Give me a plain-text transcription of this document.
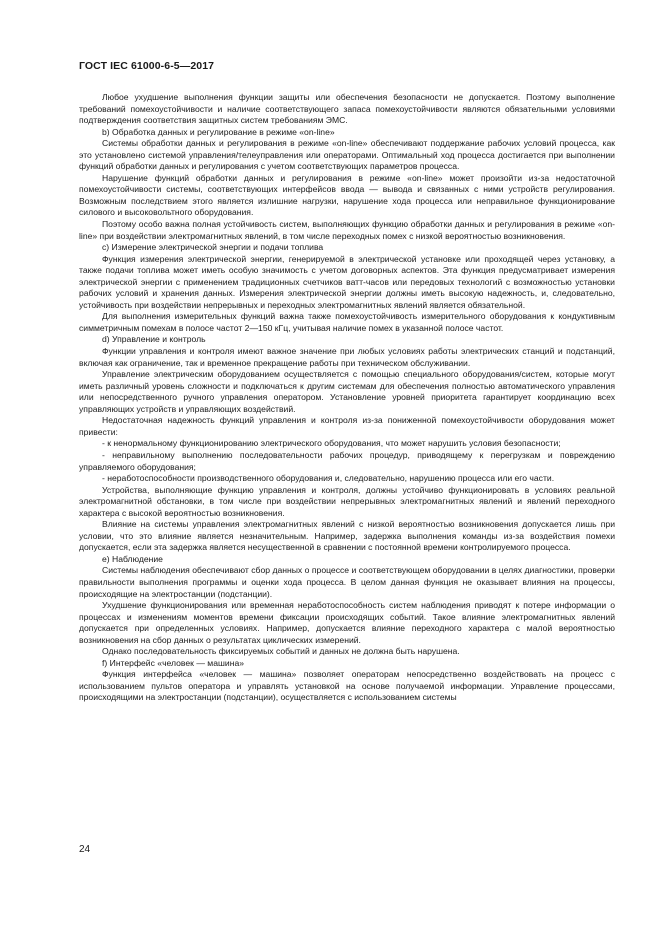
ГОСТ IEC 61000-6-5—2017

Любое ухудшение выполнения функции защиты или обеспечения безопасности не допускается. Поэтому выполнение требований помехоустойчивости и наличие соответствующего запаса помехоустойчивости являются обязательными условиями подтверждения соответствия защитных систем требованиям ЭМС.

b) Обработка данных и регулирование в режиме «on-line»

Системы обработки данных и регулирования в режиме «on-line» обеспечивают поддержание рабочих условий процесса, как это установлено системой управления/телеуправления или операторами. Оптимальный ход процесса достигается при выполнении функций обработки данных и регулирования с учетом соответствующих параметров процесса.

Нарушение функций обработки данных и регулирования в режиме «on-line» может произойти из-за недостаточной помехоустойчивости системы, соответствующих интерфейсов ввода — вывода и связанных с ними устройств регулирования. Возможным последствием этого является излишние нагрузки, нарушение хода процесса или неправильное функционирование силового и высоковольтного оборудования.

Поэтому особо важна полная устойчивость систем, выполняющих функцию обработки данных и регулирования в режиме «on-line» при воздействии электромагнитных явлений, в том числе переходных помех с низкой вероятностью возникновения.

c) Измерение электрической энергии и подачи топлива

Функция измерения электрической энергии, генерируемой в электрической установке или проходящей через установку, а также подачи топлива может иметь особую значимость с учетом договорных аспектов. Эта функция предусматривает измерения электрической энергии с применением традиционных счетчиков ватт-часов или передовых технологий с возможностью установки рабочих условий и хранения данных. Измерения электрической энергии должны иметь высокую надежность, и, следовательно, устойчивость при воздействии непрерывных и переходных электромагнитных явлений является обязательной.

Для выполнения измерительных функций важна также помехоустойчивость измерительного оборудования к кондуктивным симметричным помехам в полосе частот 2—150 кГц, учитывая наличие помех в указанной полосе частот.

d) Управление и контроль

Функции управления и контроля имеют важное значение при любых условиях работы электрических станций и подстанций, включая как ограничение, так и временное прекращение работы при техническом обслуживании.

Управление электрическим оборудованием осуществляется с помощью специального оборудования/систем, которые могут иметь различный уровень сложности и подключаться к другим системам для обеспечения полностью автоматического управления или непосредственного ручного управления оператором. Установление уровней приоритета гарантирует координацию всех управляющих устройств и управляющих воздействий.

Недостаточная надежность функций управления и контроля из-за пониженной помехоустойчивости оборудования может привести:

- к ненормальному функционированию электрического оборудования, что может нарушить условия безопасности;

- неправильному выполнению последовательности рабочих процедур, приводящему к перегрузкам и повреждению управляемого оборудования;

- неработоспособности производственного оборудования и, следовательно, нарушению процесса или его части.

Устройства, выполняющие функцию управления и контроля, должны устойчиво функционировать в условиях реальной электромагнитной обстановки, в том числе при воздействии непрерывных электромагнитных явлений и явлений переходного характера с высокой вероятностью возникновения.

Влияние на системы управления электромагнитных явлений с низкой вероятностью возникновения допускается лишь при условии, что это влияние является незначительным. Например, задержка выполнения команды из-за воздействия помехи допускается, если эта задержка является несущественной в сравнении с постоянной времени контролируемого процесса.

e) Наблюдение

Системы наблюдения обеспечивают сбор данных о процессе и соответствующем оборудовании в целях диагностики, проверки правильности выполнения программы и оценки хода процесса. В целом данная функция не оказывает влияния на процессы, происходящие на электростанции (подстанции).

Ухудшение функционирования или временная неработоспособность систем наблюдения приводят к потере информации о процессах и изменениям моментов времени фиксации происходящих событий. Такое влияние электромагнитных явлений допускается при определенных условиях. Например, допускается влияние переходного характера с малой вероятностью возникновения на сбор данных о результатах циклических измерений.

Однако последовательность фиксируемых событий и данных не должна быть нарушена.

f) Интерфейс «человек — машина»

Функция интерфейса «человек — машина» позволяет операторам непосредственно воздействовать на процесс с использованием пультов оператора и управлять установкой на основе получаемой информации. Управление процессами, происходящими на электростанции (подстанции), осуществляется с использованием системы

24
